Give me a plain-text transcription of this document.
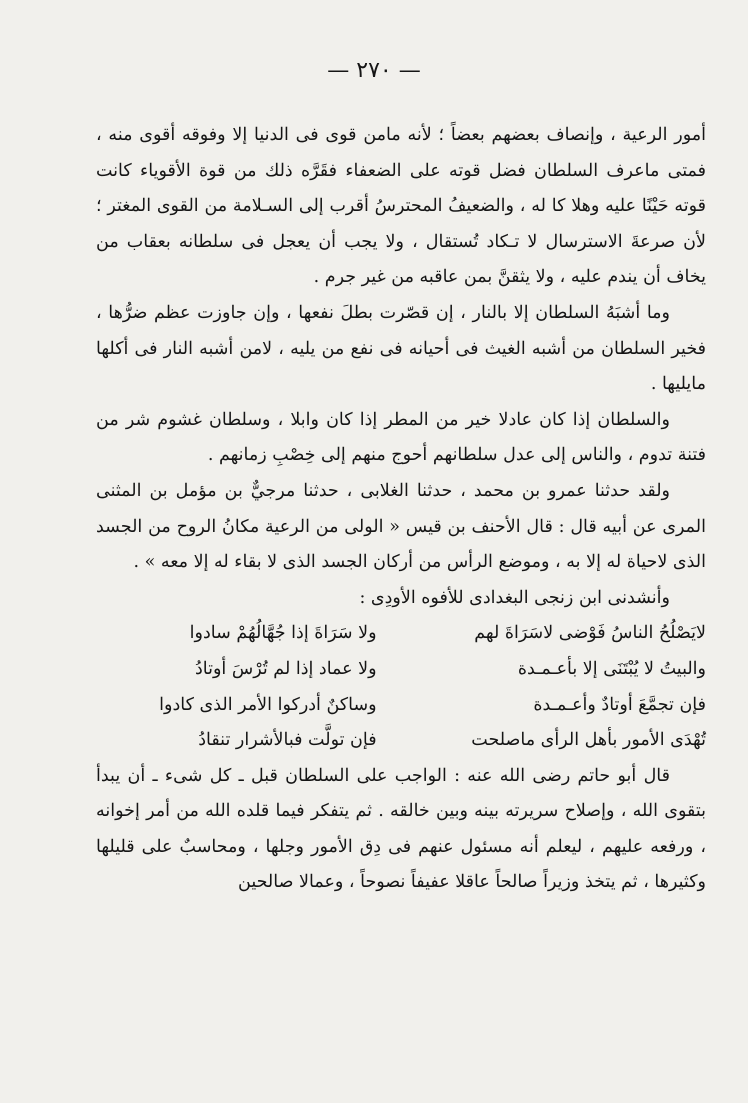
— ٢٧٠ —

أمور الرعية ، وإنصاف بعضهم بعضاً ؛ لأنه مامن قوى فى الدنيا إلا وفوقه أقوى منه ، فمتى ماعرف السلطان فضل قوته على الضعفاء فقَرَّه ذلك من قوة الأقوياء كانت قوته حَيْنًا عليه وهلا كا له ، والضعيفُ المحترسُ أقرب إلى السـلامة من القوى المغتر ؛ لأن صرعةَ الاسترسال لا تـكاد تُستقال ، ولا يجب أن يعجل فى سلطانه بعقاب من يخاف أن يندم عليه ، ولا يثقنَّ بمن عاقبه من غير جرم .

وما أشبَهُ السلطان إلا بالنار ، إن قصّرت بطلَ نفعها ، وإن جاوزت عظم ضرُّها ، فخير السلطان من أشبه الغيث فى أحيانه فى نفع من يليه ، لامن أشبه النار فى أكلها مايليها .

والسلطان إذا كان عادلا خير من المطر إذا كان وابلا ، وسلطان غشوم شر من فتنة تدوم ، والناس إلى عدل سلطانهم أحوج منهم إلى خِصْبِ زمانهم .

ولقد حدثنا عمرو بن محمد ، حدثنا الغلابى ، حدثنا مرجيٌّ بن مؤمل بن المثنى المرى عن أبيه قال : قال الأحنف بن قيس « الولى من الرعية مكانُ الروح من الجسد الذى لاحياة له إلا به ، وموضع الرأس من أركان الجسد الذى لا بقاء له إلا معه » .

وأنشدنى ابن زنجى البغدادى للأفوه الأودِى :

لايَصْلُحُ الناسُ فَوْضى لاسَرَاةَ لهم
ولا سَرَاةَ إذا جُهَّالُهُمْ سادوا
والبيتُ لا يُبْتَنَى إلا بأعـمـدة
ولا عماد إذا لم تُرْسَ أوتادُ
فإن تجمَّعَ أوتادٌ وأعـمـدة
وساكنٌ أدركوا الأمر الذى كادوا
تُهْدَى الأمور بأهل الرأى ماصلحت
فإن تولَّت فبالأشرار تنقادُ

قال أبو حاتم رضى الله عنه : الواجب على السلطان قبل ـ كل شىء ـ أن يبدأ بتقوى الله ، وإصلاح سريرته بينه وبين خالقه . ثم يتفكر فيما قلده الله من أمر إخوانه ، ورفعه عليهم ، ليعلم أنه مسئول عنهم فى دِق الأمور وجلها ، ومحاسبٌ على قليلها وكثيرها ، ثم يتخذ وزيراً صالحاً عاقلا عفيفاً نصوحاً ، وعمالا صالحين
